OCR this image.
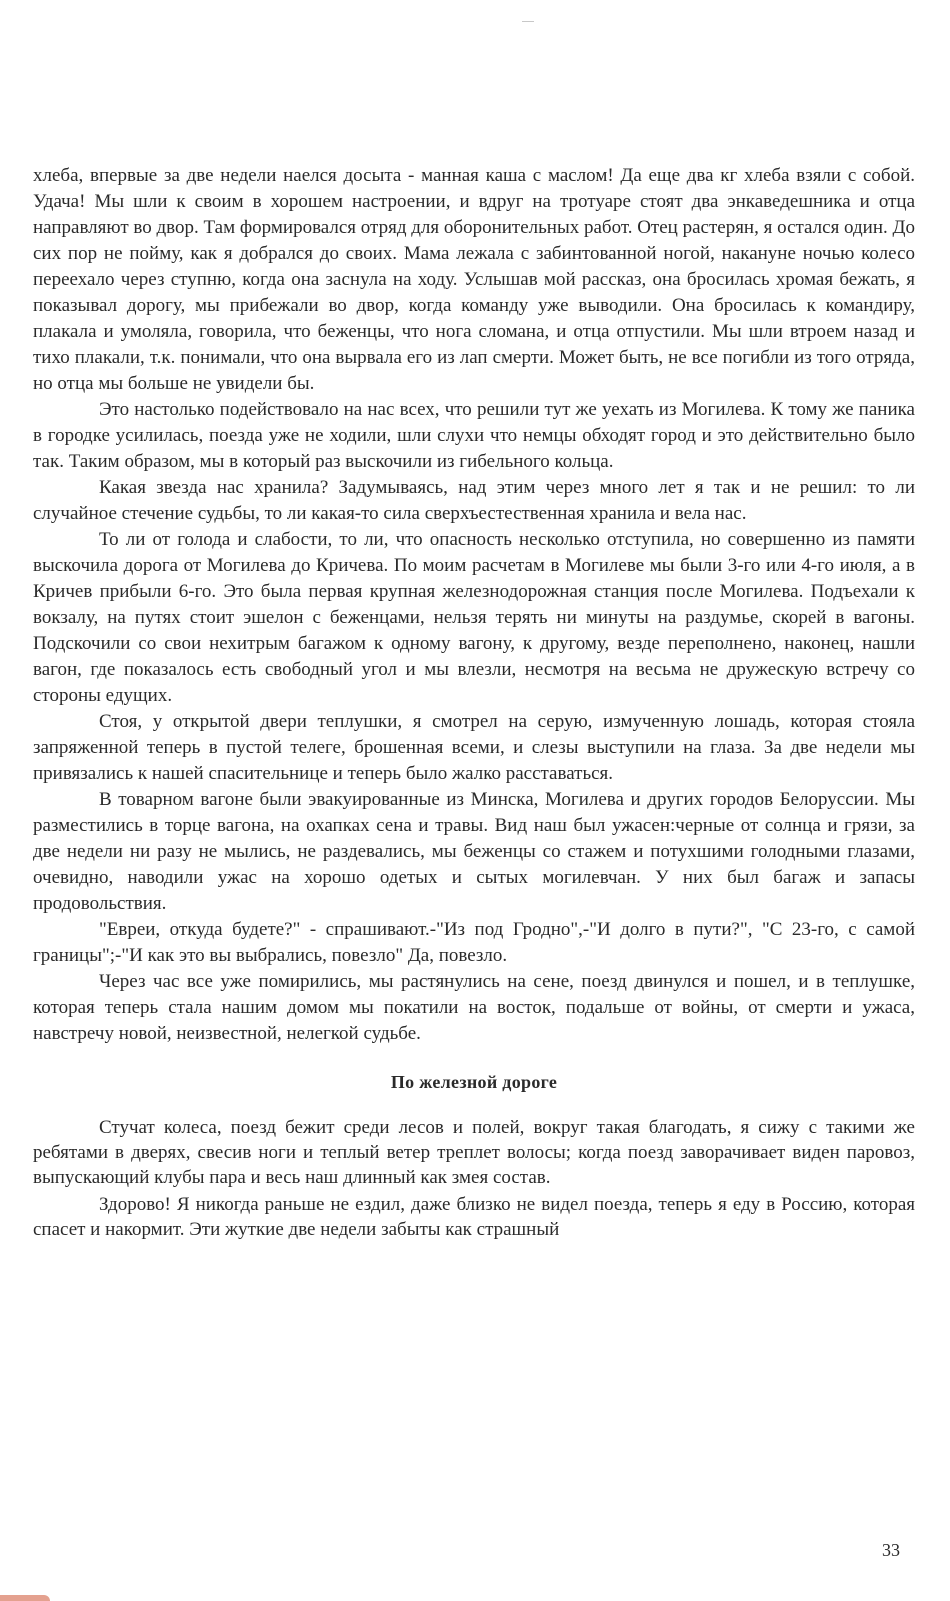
хлеба, впервые за две недели наелся досыта - манная каша с маслом! Да еще два кг хлеба взяли с собой. Удача! Мы шли к своим в хорошем настроении, и вдруг на тротуаре стоят два энкаведешника и отца направляют во двор. Там формировался отряд для оборонительных работ. Отец растерян, я остался один. До сих пор не пойму, как я добрался до своих. Мама лежала с забинтованной ногой, накануне ночью колесо переехало через ступню, когда она заснула на ходу. Услышав мой рассказ, она бросилась хромая бежать, я показывал дорогу, мы прибежали во двор, когда команду уже выводили. Она бросилась к командиру, плакала и умоляла, говорила, что беженцы, что нога сломана, и отца отпустили. Мы шли втроем назад и тихо плакали, т.к. понимали, что она вырвала его из лап смерти. Может быть, не все погибли из того отряда, но отца мы больше не увидели бы.

Это настолько подействовало на нас всех, что решили тут же уехать из Могилева. К тому же паника в городке усилилась, поезда уже не ходили, шли слухи что немцы обходят город и это действительно было так. Таким образом, мы в который раз выскочили из гибельного кольца.

Какая звезда нас хранила? Задумываясь, над этим через много лет я так и не решил: то ли случайное стечение судьбы, то ли какая-то сила сверхъестественная хранила и вела нас.

То ли от голода и слабости, то ли, что опасность несколько отступила, но совершенно из памяти выскочила дорога от Могилева до Кричева. По моим расчетам в Могилеве мы были 3-го или 4-го июля, а в Кричев прибыли 6-го. Это была первая крупная железнодорожная станция после Могилева. Подъехали к вокзалу, на путях стоит эшелон с беженцами, нельзя терять ни минуты на раздумье, скорей в вагоны. Подскочили со свои нехитрым багажом к одному вагону, к другому, везде переполнено, наконец, нашли вагон, где показалось есть свободный угол и мы влезли, несмотря на весьма не дружескую встречу со стороны едущих.

Стоя, у открытой двери теплушки, я смотрел на серую, измученную лошадь, которая стояла запряженной теперь в пустой телеге, брошенная всеми, и слезы выступили на глаза. За две недели мы привязались к нашей спасительнице и теперь было жалко расставаться.

В товарном вагоне были эвакуированные из Минска, Могилева и других городов Белоруссии. Мы разместились в торце вагона, на охапках сена и травы. Вид наш был ужасен:черные от солнца и грязи, за две недели ни разу не мылись, не раздевались, мы беженцы со стажем и потухшими голодными глазами, очевидно, наводили ужас на хорошо одетых и сытых могилевчан. У них был багаж и запасы продовольствия.

"Евреи, откуда будете?" - спрашивают.-"Из под Гродно",-"И долго в пути?", "С 23-го, с самой границы";-"И как это вы выбрались, повезло" Да, повезло.

Через час все уже помирились, мы растянулись на сене, поезд двинулся и пошел, и в теплушке, которая теперь стала нашим домом мы покатили на восток, подальше от войны, от смерти и ужаса, навстречу новой, неизвестной, нелегкой судьбе.

По железной дороге

Стучат колеса, поезд бежит среди лесов и полей, вокруг такая благодать, я сижу с такими же ребятами в дверях, свесив ноги и теплый ветер треплет волосы; когда поезд заворачивает виден паровоз, выпускающий клубы пара и весь наш длинный как змея состав.

Здорово! Я никогда раньше не ездил, даже близко не видел поезда, теперь я еду в Россию, которая спасет и накормит. Эти жуткие две недели забыты как страшный

33
